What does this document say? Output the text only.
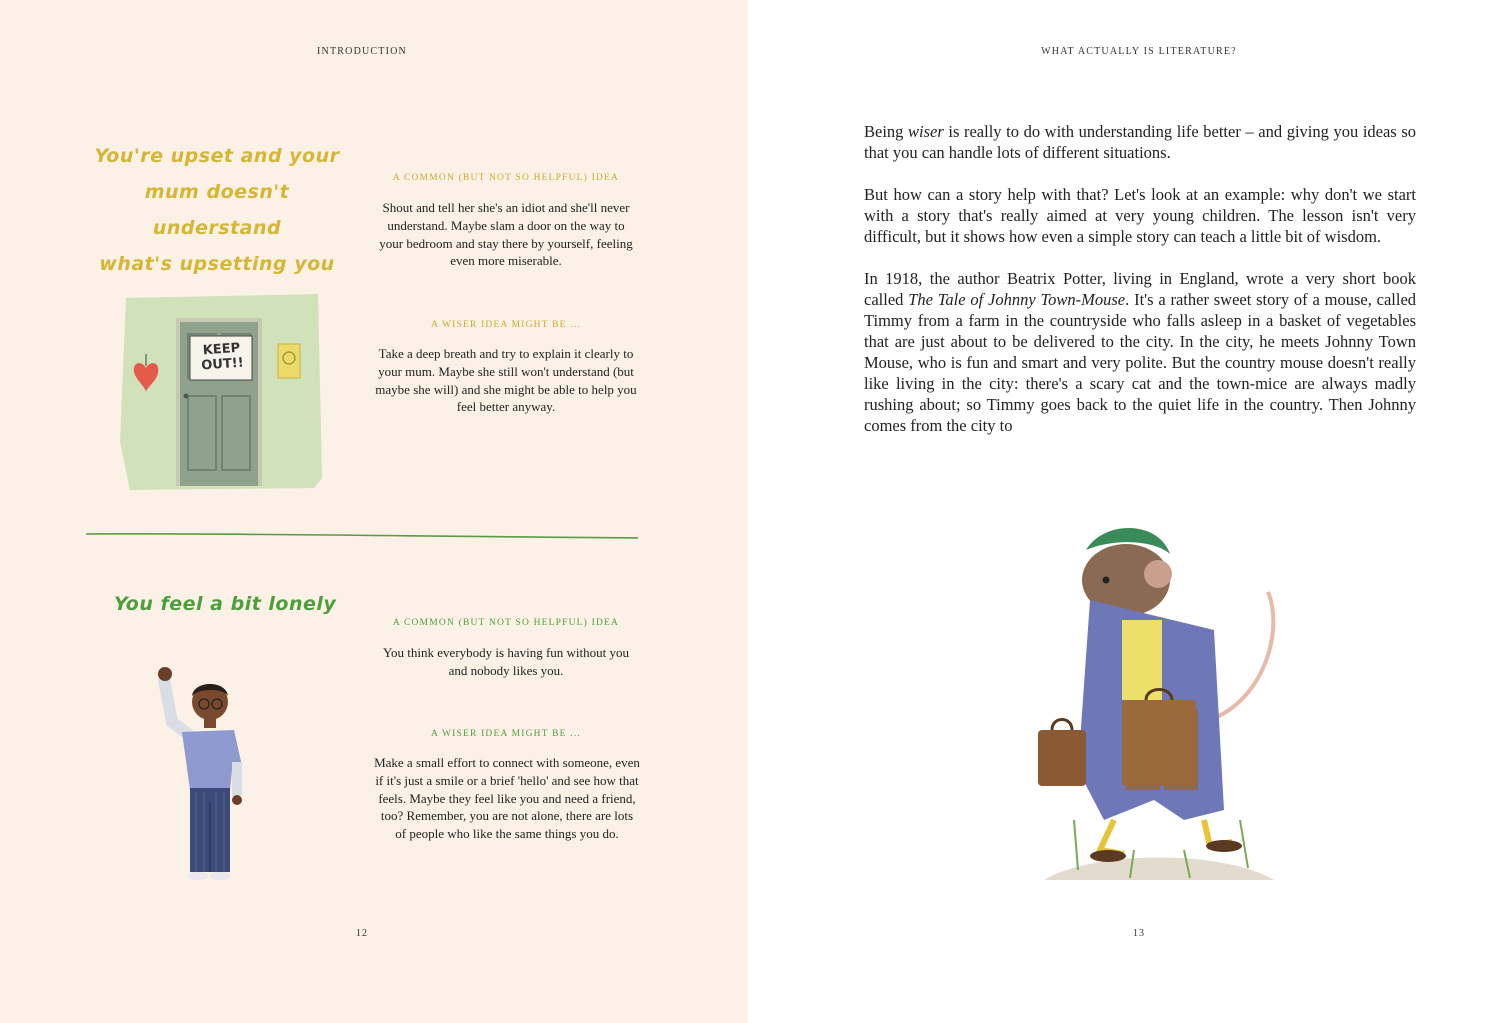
INTRODUCTION
You're upset and your
mum doesn't understand
what's upsetting you
A COMMON (BUT NOT SO HELPFUL) IDEA
Shout and tell her she's an idiot and she'll never understand. Maybe slam a door on the way to your bedroom and stay there by yourself, feeling even more miserable.
A WISER IDEA MIGHT BE ...
Take a deep breath and try to explain it clearly to your mum. Maybe she still won't understand (but maybe she will) and she might be able to help you feel better anyway.
KEEP
OUT!!
You feel a bit lonely
A COMMON (BUT NOT SO HELPFUL) IDEA
You think everybody is having fun without you and nobody likes you.
A WISER IDEA MIGHT BE ...
Make a small effort to connect with someone, even if it's just a smile or a brief 'hello' and see how that feels. Maybe they feel like you and need a friend, too? Remember, you are not alone, there are lots of people who like the same things you do.
12
WHAT ACTUALLY IS LITERATURE?
13

Being wiser is really to do with understanding life better – and giving you ideas so that you can handle lots of different situations.

But how can a story help with that? Let's look at an example: why don't we start with a story that's really aimed at very young children. The lesson isn't very difficult, but it shows how even a simple story can teach a little bit of wisdom.

In 1918, the author Beatrix Potter, living in England, wrote a very short book called The Tale of Johnny Town-Mouse. It's a rather sweet story of a mouse, called Timmy from a farm in the countryside who falls asleep in a basket of vegetables that are just about to be delivered to the city. In the city, he meets Johnny Town Mouse, who is fun and smart and very polite. But the country mouse doesn't really like living in the city: there's a scary cat and the town-mice are always madly rushing about; so Timmy goes back to the quiet life in the country. Then Johnny comes from the city to
